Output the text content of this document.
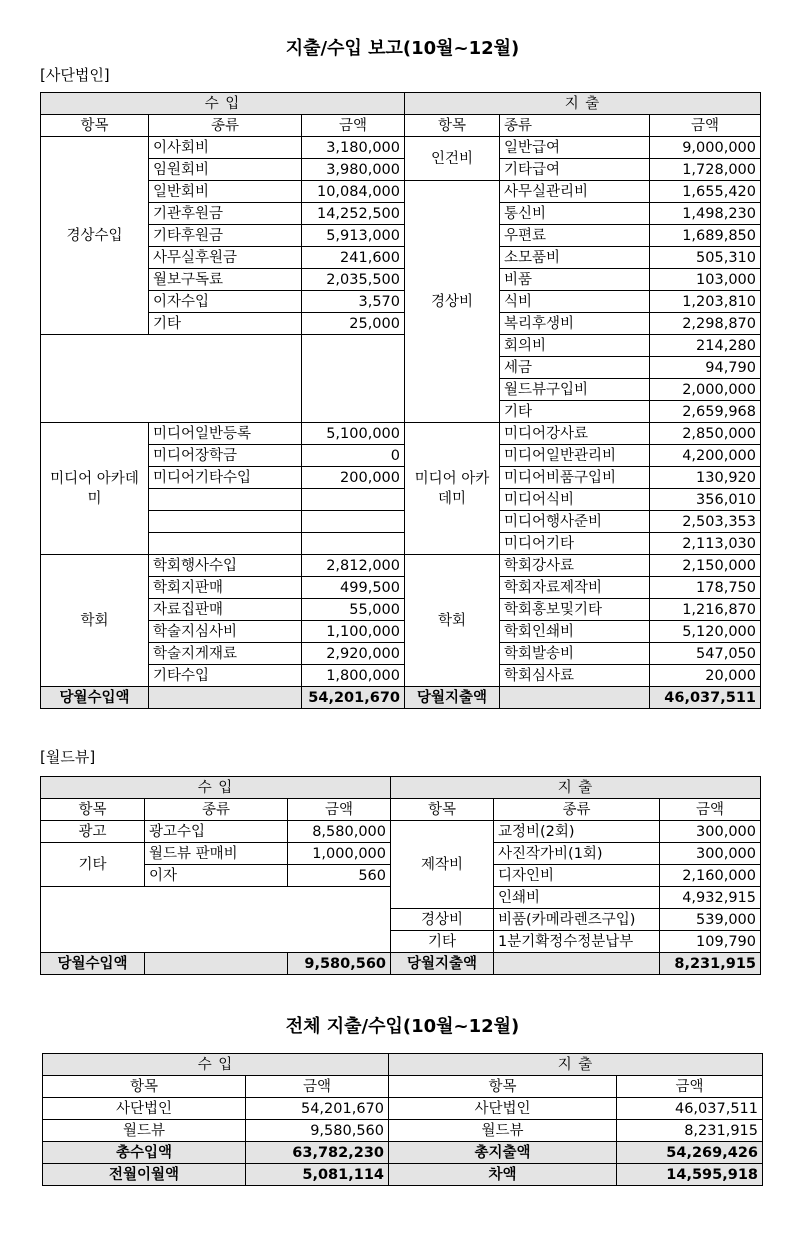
지출/수입 보고(10월~12월)
[사단법인]
수 입			지 출		
항목	종류	금액	항목	종류	금액
경상수입	이사회비	3,180,000	인건비	일반급여	9,000,000
	임원회비	3,980,000		기타급여	1,728,000
	일반회비	10,084,000	경상비	사무실관리비	1,655,420
	기관후원금	14,252,500		통신비	1,498,230
	기타후원금	5,913,000		우편료	1,689,850
	사무실후원금	241,600		소모품비	505,310
	월보구독료	2,035,500		비품	103,000
	이자수입	3,570		식비	1,203,810
	기타	25,000		복리후생비	2,298,870
				회의비	214,280
				세금	94,790
				월드뷰구입비	2,000,000
				기타	2,659,968
미디어 아카데미	미디어일반등록	5,100,000	미디어 아카데미	미디어강사료	2,850,000
	미디어장학금	0		미디어일반관리비	4,200,000
	미디어기타수입	200,000		미디어비품구입비	130,920
				미디어식비	356,010
				미디어행사준비	2,503,353
				미디어기타	2,113,030
학회	학회행사수입	2,812,000	학회	학회강사료	2,150,000
	학회지판매	499,500		학회자료제작비	178,750
	자료집판매	55,000		학회홍보및기타	1,216,870
	학술지심사비	1,100,000		학회인쇄비	5,120,000
	학술지게재료	2,920,000		학회발송비	547,050
	기타수입	1,800,000		학회심사료	20,000
당월수입액		54,201,670	당월지출액		46,037,511
[월드뷰]
수 입			지 출		
항목	종류	금액	항목	종류	금액
광고	광고수입	8,580,000	제작비	교정비(2회)	300,000
기타	월드뷰 판매비	1,000,000		사진작가비(1회)	300,000
	이자	560		디자인비	2,160,000
				인쇄비	4,932,915
			경상비	비품(카메라렌즈구입)	539,000
			기타	1분기확정수정분납부	109,790
당월수입액		9,580,560	당월지출액		8,231,915
전체 지출/수입(10월~12월)
수 입		지 출	
항목	금액	항목	금액
사단법인	54,201,670	사단법인	46,037,511
월드뷰	9,580,560	월드뷰	8,231,915
총수입액	63,782,230	총지출액	54,269,426
전월이월액	5,081,114	차액	14,595,918
